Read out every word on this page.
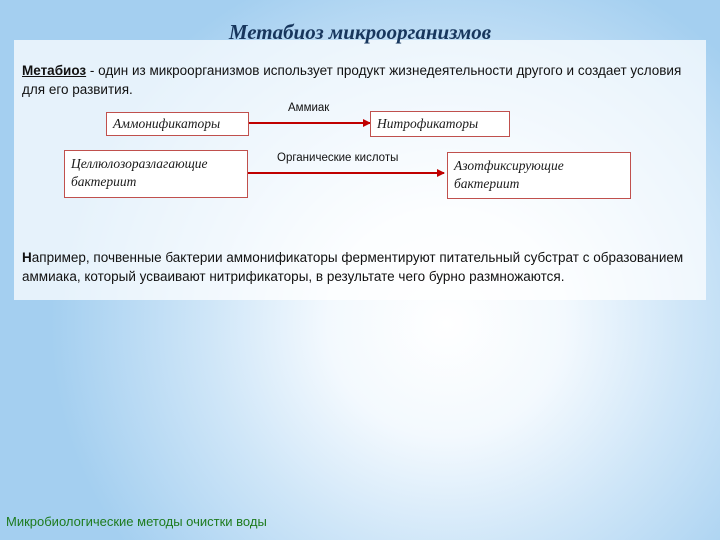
Метабиоз микроорганизмов
Метабиоз - один из микроорганизмов использует продукт жизнедеятельности другого и создает условия для его развития.
Аммонификаторы	Нитрофикаторы
Целлюлозоразлагающие бактерииm
Азотфиксирующие бактерииm
Аммиак
Органические кислоты
Например, почвенные бактерии аммонификаторы ферментируют питательный субстрат с образованием аммиака, который усваивают нитрификаторы, в результате чего бурно размножаются.
Микробиологические методы очистки воды
